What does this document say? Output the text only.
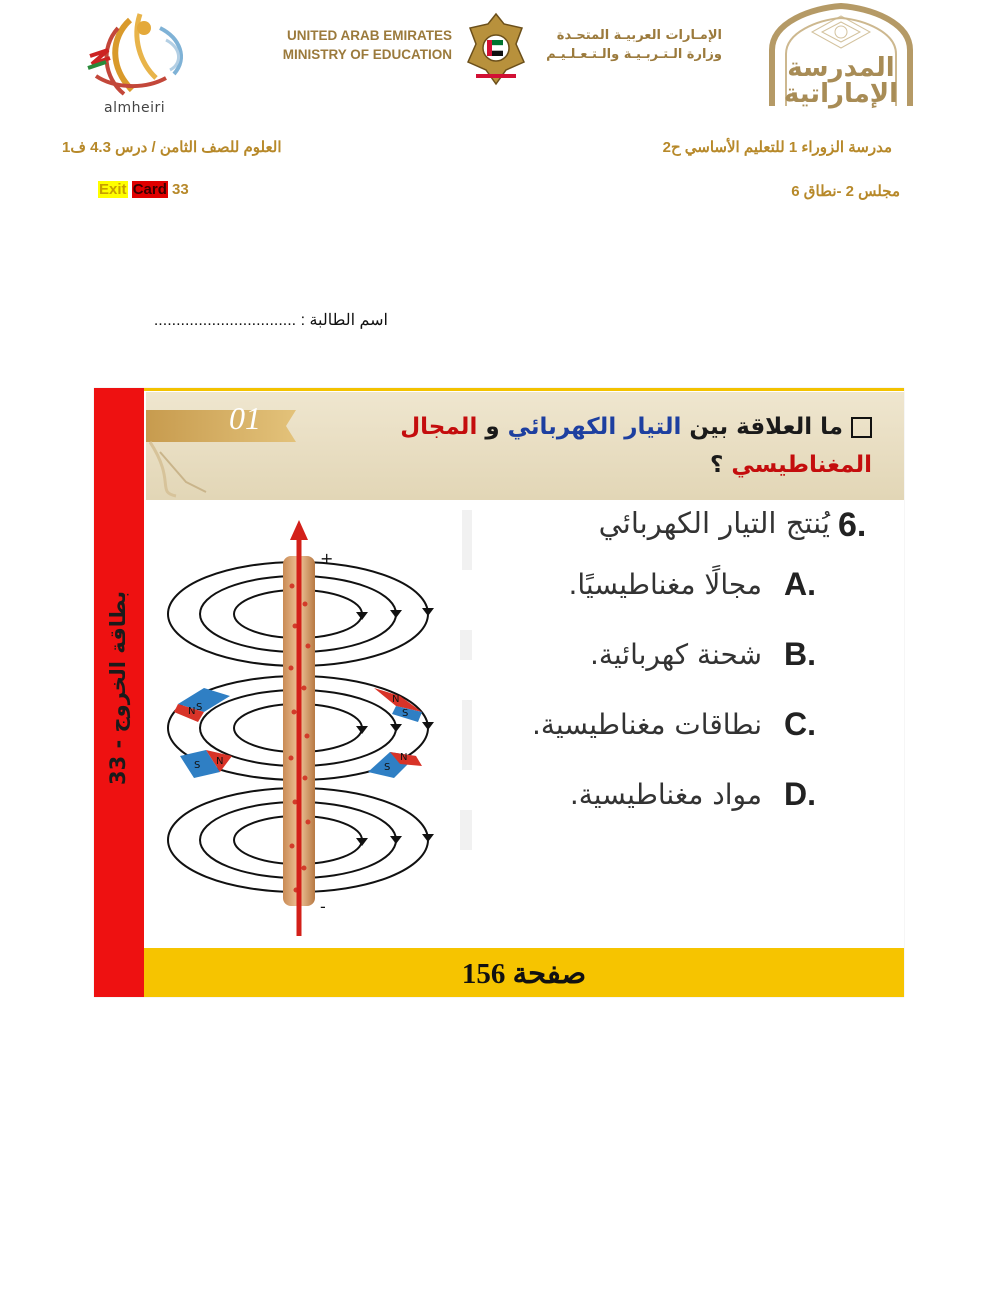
almheiri
UNITED ARAB EMIRATES
MINISTRY OF EDUCATION
الإمـارات العربيـة المتحـدة
وزارة الـتـربـيـة والـتـعـلـيـم	المدرسة
الإماراتية
مدرسة الزوراء 1 للتعليم الأساسي ح2
العلوم للصف الثامن / درس 4.3 ف1
مجلس 2 -نطاق 6
Exit Card 33
اسم الطالبة : ................................
بطاقة الخروج - 33
01	ما العلاقة بين التيار الكهربائي و المجال
المغناطيسي ؟
+
-
S
N
N
S
S N
S
N
6.
يُنتج التيار الكهربائي
A.
مجالًا مغناطيسيًا.
B.
شحنة كهربائية.
C.
نطاقات مغناطيسية.
D.
مواد مغناطيسية.
صفحة 156
